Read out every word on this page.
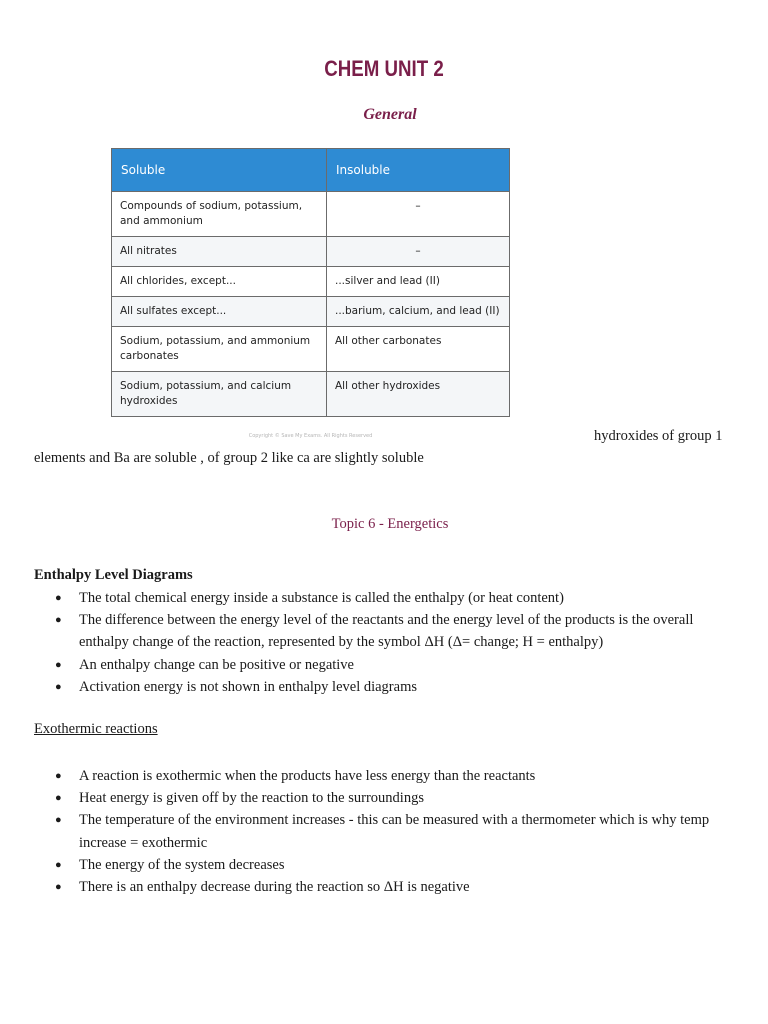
CHEM UNIT 2
General
Soluble	Insoluble
Compounds of sodium, potassium, and ammonium	–
All nitrates	–
All chlorides, except...	...silver and lead (II)
All sulfates except...	...barium, calcium, and lead (II)
Sodium, potassium, and ammonium carbonates	All other carbonates
Sodium, potassium, and calcium hydroxides	All other hydroxides
Copyright © Save My Exams. All Rights Reserved	hydroxides of group 1
elements and Ba are soluble , of group 2 like ca are slightly soluble
Topic 6 - Energetics
Enthalpy Level Diagrams
● The total chemical energy inside a substance is called the enthalpy (or heat content)
● The difference between the energy level of the reactants and the energy level of the products is the overall enthalpy change of the reaction, represented by the symbol ΔH (Δ= change; H = enthalpy)
● An enthalpy change can be positive or negative
● Activation energy is not shown in enthalpy level diagrams
Exothermic reactions
● A reaction is exothermic when the products have less energy than the reactants
● Heat energy is given off by the reaction to the surroundings
● The temperature of the environment increases - this can be measured with a thermometer which is why temp increase = exothermic
● The energy of the system decreases
● There is an enthalpy decrease during the reaction so ΔH is negative
